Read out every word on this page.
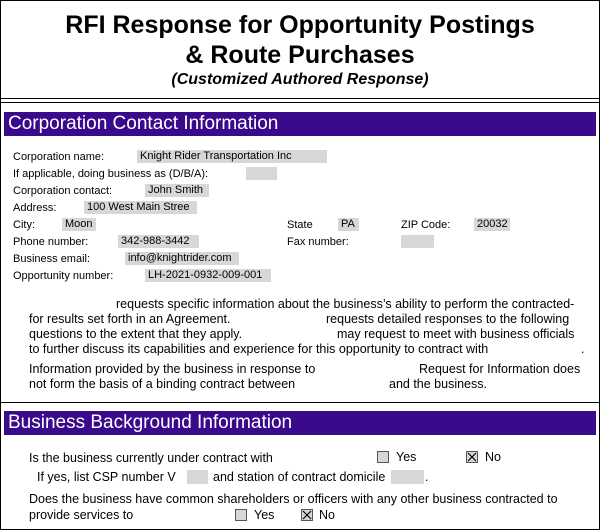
RFI Response for Opportunity Postings
& Route Purchases
(Customized Authored Response)
Corporation Contact Information
Corporation name:	Knight Rider Transportation Inc
If applicable, doing business as (D/B/A):
Corporation contact:	John Smith
Address:	100 West Main Stree
City:	Moon	State	PA	ZIP Code: 20032
Phone number:	342-988-3442	Fax number:
Business email:	info@knightrider.com
Opportunity number:	LH-2021-0932-009-001
requests specific information about the business’s ability to perform the contracted-
for results set forth in an Agreement.	requests detailed responses to the following
questions to the extent that they apply.	may request to meet with business officials
to further discuss its capabilities and experience for this opportunity to contract with	.
Information provided by the business in response to	Request for Information does
not form the basis of a binding contract between	and the business.
Business Background Information
Is the business currently under contract with	Yes	No
If yes, list CSP number V	and station of contract domicile	.
Does the business have common shareholders or officers with any other business contracted to
provide services to	Yes	No
